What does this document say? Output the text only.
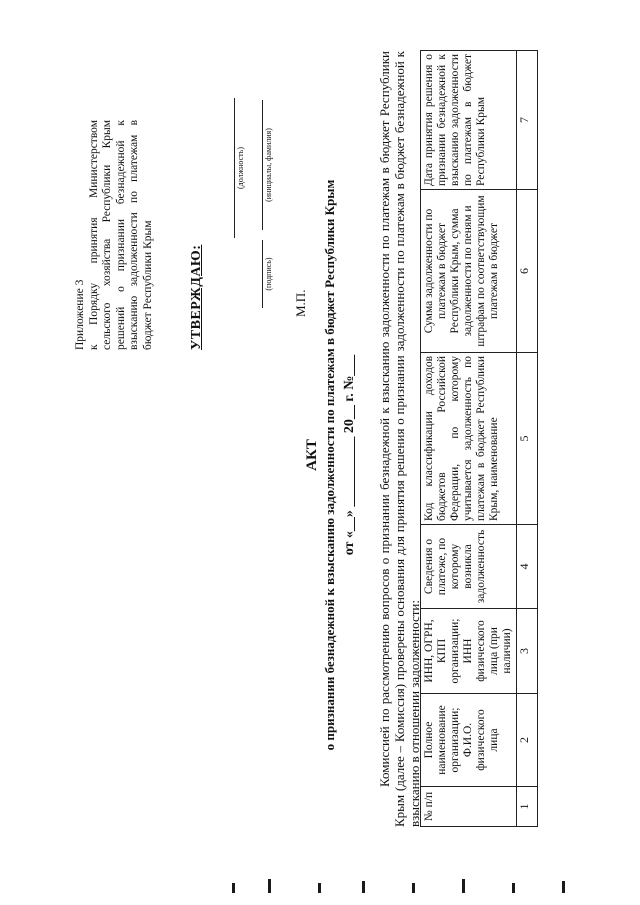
Приложение 3 к Порядку принятия Министерством сельского хозяйства Республики Крым решений о признании безнадежной к взысканию задолженности по платежам в бюджет Республики Крым	УТВЕРЖДАЮ:
(должность)
(подпись)
(инициалы, фамилия)
М.П.
АКТ о признании безнадежной к взысканию задолженности по платежам в бюджет Республики Крым от «__» __________ 20__ г. №___ Комиссией по рассмотрению вопросов о признании безнадежной к взысканию задолженности по платежам в бюджет Республики Крым (далее – Комиссия) проверены основания для принятия решения о признании задолженности по платежам в бюджет безнадежной к взысканию в отношении задолженности: № п/п	Полное наименование организации; Ф.И.О. физического лица	ИНН, ОГРН, КПП организации; ИНН физического лица (при наличии)	Сведения о платеже, по которому возникла задолженность	Код классификации доходов бюджетов Российской Федерации, по которому учитывается задолженность по платежам в бюджет Республики Крым, наименование	Сумма задолженности по платежам в бюджет Республики Крым, сумма задолженности по пеням и штрафам по соответствующим платежам в бюджет	Дата принятия решения о признании безнадежной к взысканию задолженности по платежам в бюджет Республики Крым
1	2	3	4	5	6	7
